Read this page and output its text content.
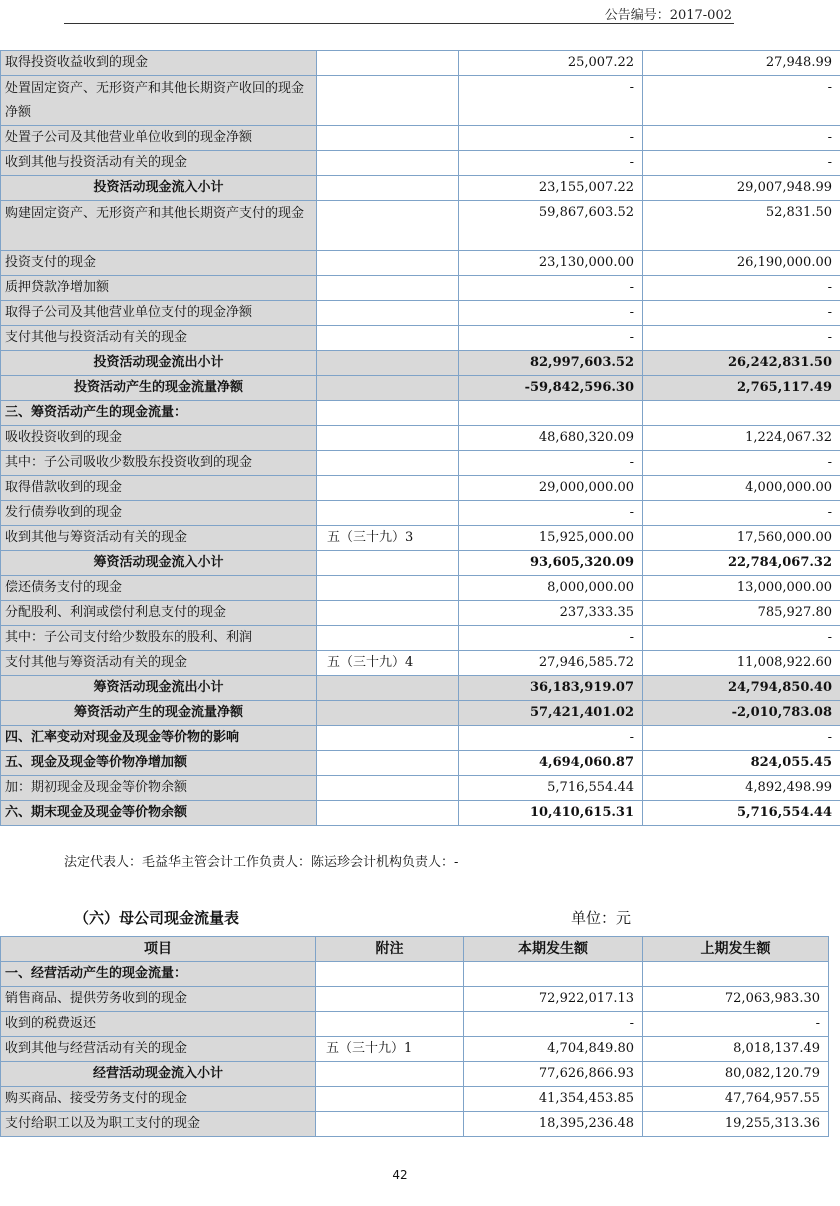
公告编号：2017-002
取得投资收益收到的现金		25,007.22	27,948.99
处置固定资产、无形资产和其他长期资产收回的现金净额		-	-
处置子公司及其他营业单位收到的现金净额		-	-
收到其他与投资活动有关的现金		-	-
投资活动现金流入小计		23,155,007.22	29,007,948.99
购建固定资产、无形资产和其他长期资产支付的现金		59,867,603.52	52,831.50
投资支付的现金		23,130,000.00	26,190,000.00
质押贷款净增加额		-	-
取得子公司及其他营业单位支付的现金净额		-	-
支付其他与投资活动有关的现金		-	-
投资活动现金流出小计		82,997,603.52	26,242,831.50
投资活动产生的现金流量净额		-59,842,596.30	2,765,117.49
三、筹资活动产生的现金流量：			
吸收投资收到的现金		48,680,320.09	1,224,067.32
其中：子公司吸收少数股东投资收到的现金		-	-
取得借款收到的现金		29,000,000.00	4,000,000.00
发行债券收到的现金		-	-
收到其他与筹资活动有关的现金	五（三十九）3	15,925,000.00	17,560,000.00
筹资活动现金流入小计		93,605,320.09	22,784,067.32
偿还债务支付的现金		8,000,000.00	13,000,000.00
分配股利、利润或偿付利息支付的现金		237,333.35	785,927.80
其中：子公司支付给少数股东的股利、利润		-	-
支付其他与筹资活动有关的现金	五（三十九）4	27,946,585.72	11,008,922.60
筹资活动现金流出小计		36,183,919.07	24,794,850.40
筹资活动产生的现金流量净额		57,421,401.02	-2,010,783.08
四、汇率变动对现金及现金等价物的影响		-	-
五、现金及现金等价物净增加额		4,694,060.87	824,055.45
加：期初现金及现金等价物余额		5,716,554.44	4,892,498.99
六、期末现金及现金等价物余额		10,410,615.31	5,716,554.44
法定代表人：毛益华主管会计工作负责人：陈运珍会计机构负责人：-
（六）母公司现金流量表	单位：元
项目	附注	本期发生额	上期发生额
一、经营活动产生的现金流量：			
销售商品、提供劳务收到的现金		72,922,017.13	72,063,983.30
收到的税费返还		-	-
收到其他与经营活动有关的现金	五（三十九）1	4,704,849.80	8,018,137.49
经营活动现金流入小计		77,626,866.93	80,082,120.79
购买商品、接受劳务支付的现金		41,354,453.85	47,764,957.55
支付给职工以及为职工支付的现金		18,395,236.48	19,255,313.36
42
